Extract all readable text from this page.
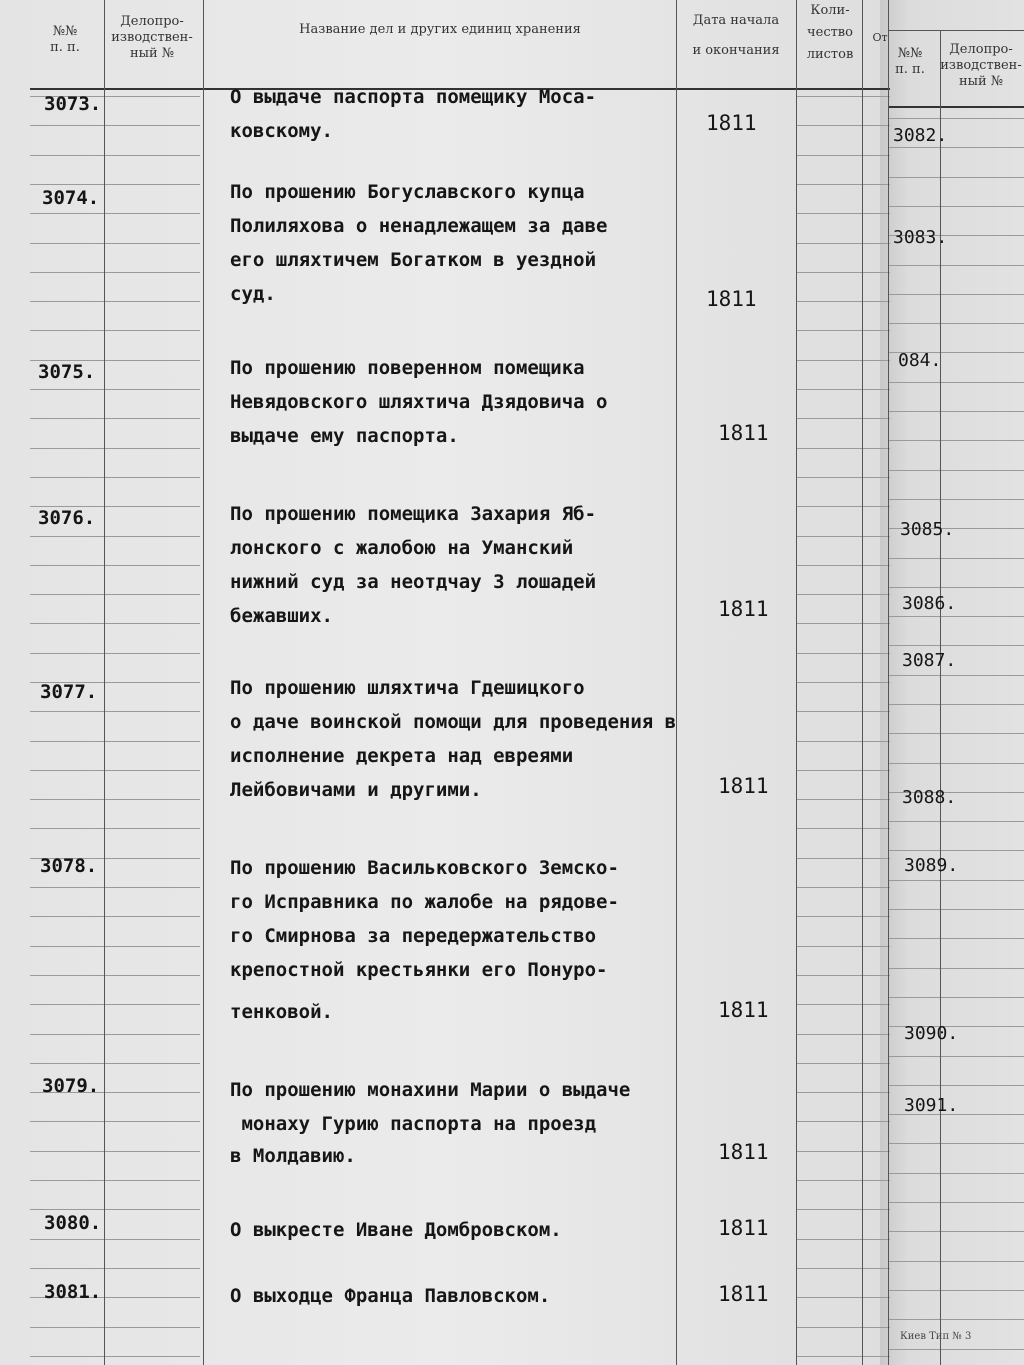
№№
п. п.
Делопро-
изводствен-
ный №
Название дел и других единиц хранения
Дата начала
и окончания
Коли-
чество
листов
От
№№
п. п.
Делопро-
изводствен-
ный №
3073.
3074.
3075.
3076.
3077.
3078.
3079.
3080.
3081.
О выдаче паспорта помещику Моса-
ковскому.
По прошению Богуславского купца
Полиляхова о ненадлежащем за даве
его шляхтичем Богатком в уездной
суд.
По прошению поверенном помещика
Невядовского шляхтича Дзядовича о
выдаче ему паспорта.
По прошению помещика Захария Яб-
лонского с жалобою на Уманский
нижний суд за неотдчау 3 лошадей
бежавших.
По прошению шляхтича Гдешицкого
о даче воинской помощи для проведения в
исполнение декрета над евреями
Лейбовичами и другими.
По прошению Васильковского Земско-
го Исправника по жалобе на рядове-
го Смирнова за передержательство
крепостной крестьянки его Понуро-
тенковой.
По прошению монахини Марии о выдаче
монаху Гурию паспорта на проезд
в Молдавию.
О выкресте Иване Домбровском.
О выходце Франца Павловском.
1811
1811
1811
1811
1811
1811
1811
1811
1811
3082.
3083.
084.
3085.
3086.
3087.
3088.
3089.
3090.
3091.
Киев Тип № 3
